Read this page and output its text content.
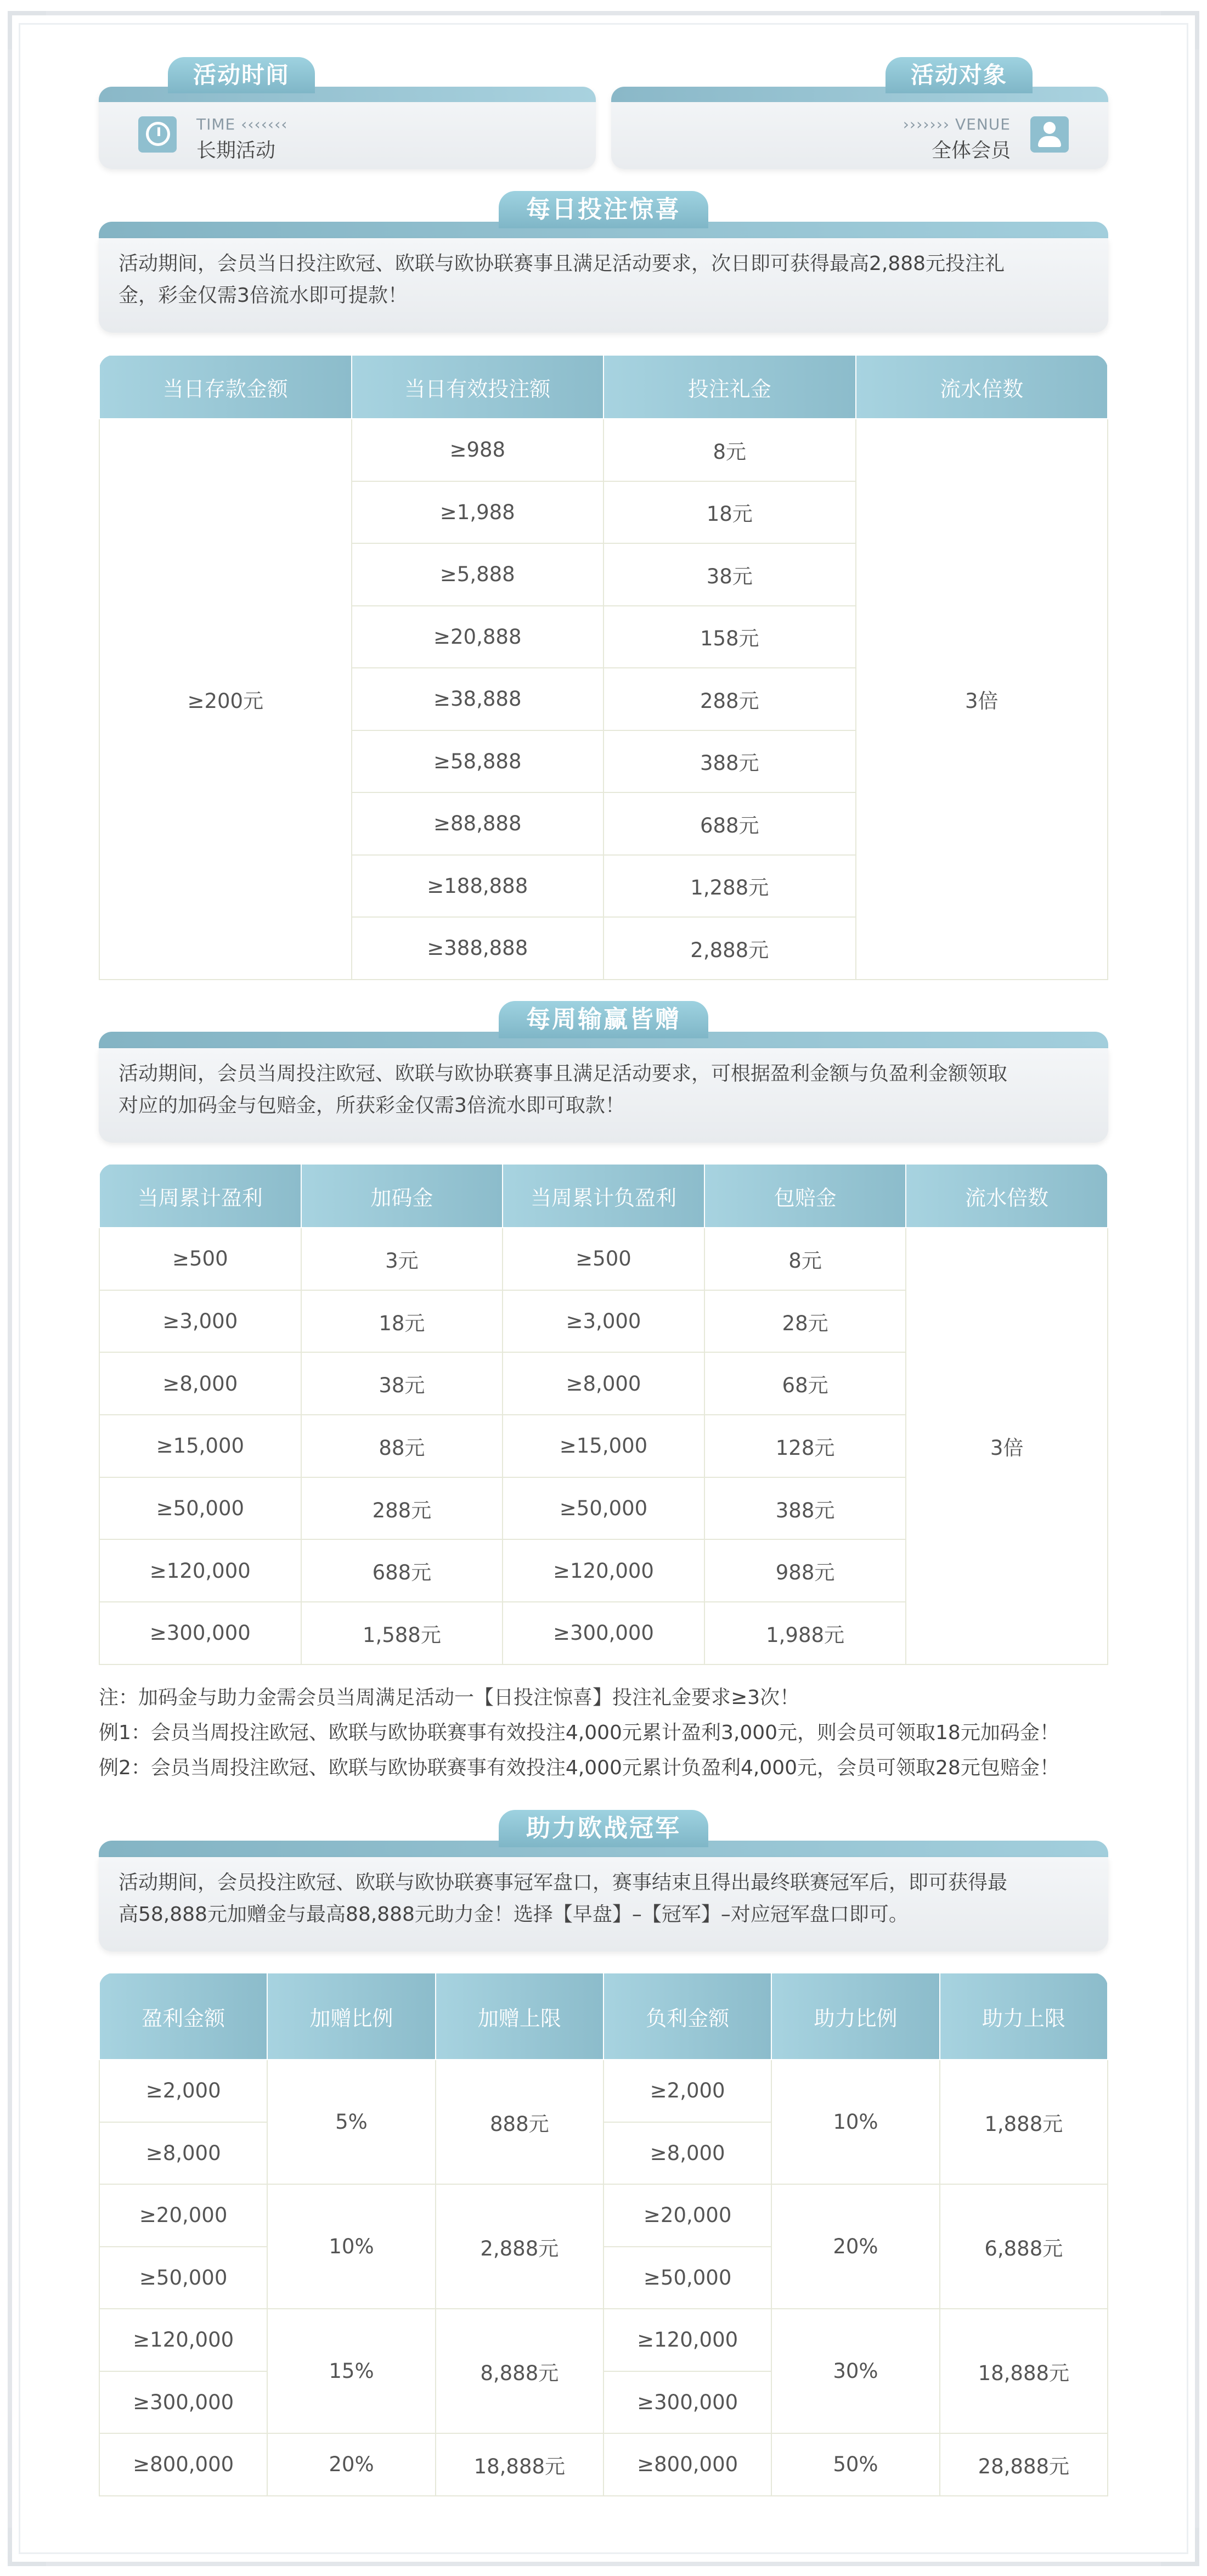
TIME ‹‹‹‹‹‹‹
长期活动
活动时间
››››››› VENUE
全体会员
活动对象
每日投注惊喜
活动期间，会员当日投注欧冠、欧联与欧协联赛事且满足活动要求，次日即可获得最高2,888元投注礼
金，彩金仅需3倍流水即可提款！
当日存款金额	当日有效投注额	投注礼金	流水倍数
≥200元	≥988	8元	3倍
	≥1,988	18元	
	≥5,888	38元	
	≥20,888	158元	
	≥38,888	288元	
	≥58,888	388元	
	≥88,888	688元	
	≥188,888	1,288元	
	≥388,888	2,888元	
每周输赢皆赠
活动期间，会员当周投注欧冠、欧联与欧协联赛事且满足活动要求，可根据盈利金额与负盈利金额领取
对应的加码金与包赔金，所获彩金仅需3倍流水即可取款！
当周累计盈利	加码金	当周累计负盈利	包赔金	流水倍数
≥500	3元	≥500	8元	3倍
≥3,000	18元	≥3,000	28元	
≥8,000	38元	≥8,000	68元	
≥15,000	88元	≥15,000	128元	
≥50,000	288元	≥50,000	388元	
≥120,000	688元	≥120,000	988元	
≥300,000	1,588元	≥300,000	1,988元	
注：加码金与助力金需会员当周满足活动一【日投注惊喜】投注礼金要求≥3次！
例1：会员当周投注欧冠、欧联与欧协联赛事有效投注4,000元累计盈利3,000元，则会员可领取18元加码金！
例2：会员当周投注欧冠、欧联与欧协联赛事有效投注4,000元累计负盈利4,000元，会员可领取28元包赔金！
助力欧战冠军
活动期间，会员投注欧冠、欧联与欧协联赛事冠军盘口，赛事结束且得出最终联赛冠军后，即可获得最
高58,888元加赠金与最高88,888元助力金！选择【早盘】–【冠军】–对应冠军盘口即可。
盈利金额	加赠比例	加赠上限	负利金额	助力比例	助力上限
≥2,000	5%	888元	≥2,000	10%	1,888元
≥8,000			≥8,000		
≥20,000	10%	2,888元	≥20,000	20%	6,888元
≥50,000			≥50,000		
≥120,000	15%	8,888元	≥120,000	30%	18,888元
≥300,000			≥300,000		
≥800,000	20%	18,888元	≥800,000	50%	28,888元
